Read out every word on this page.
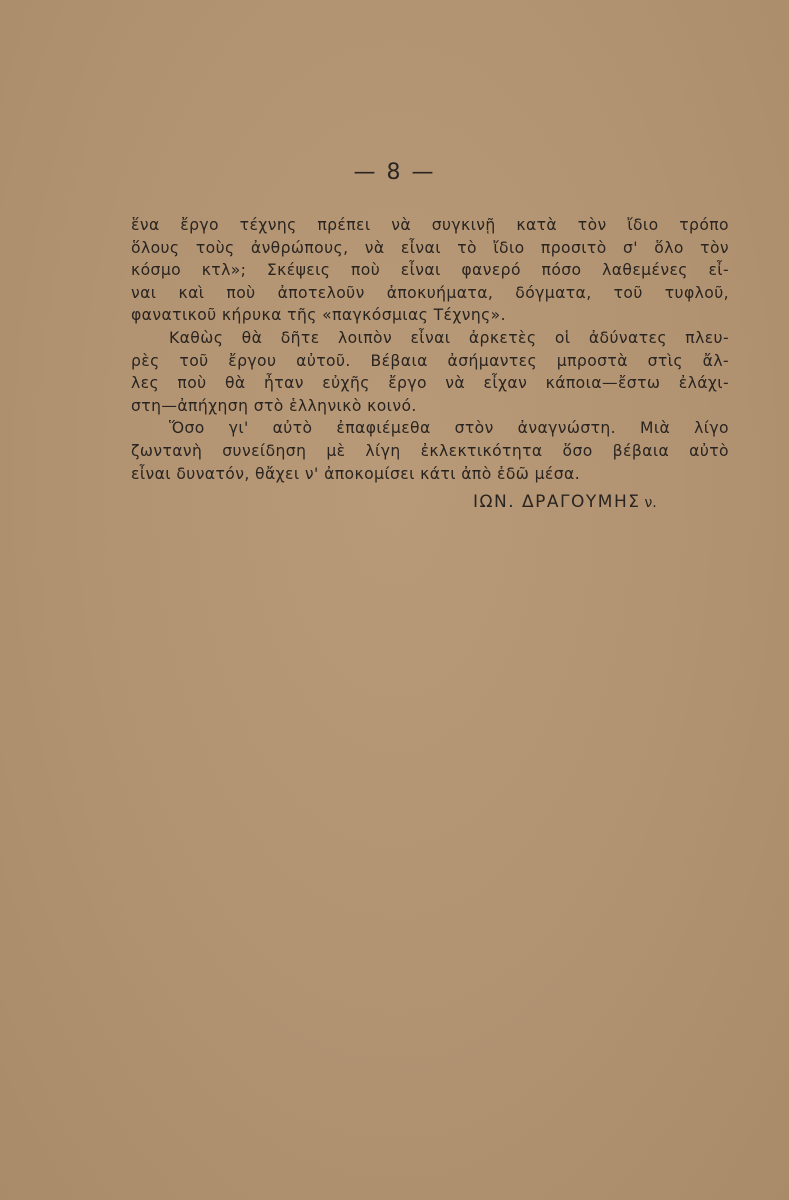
— 8 —
ἕνα ἔργο τέχνης πρέπει νὰ συγκινῇ κατὰ τὸν ἴδιο τρόπο
ὅλους τοὺς ἀνθρώπους, νὰ εἶναι τὸ ἴδιο προσιτὸ σ' ὅλο τὸν
κόσμο κτλ»; Σκέψεις ποὺ εἶναι φανερό πόσο λαθεμένες εἶ-
ναι καὶ ποὺ ἀποτελοῦν ἀποκυήματα, δόγματα, τοῦ τυφλοῦ,
φανατικοῦ κήρυκα τῆς «παγκόσμιας Τέχνης».
Καθὼς θὰ δῆτε λοιπὸν εἶναι ἀρκετὲς οἱ ἀδύνατες πλευ-
ρὲς τοῦ ἔργου αὐτοῦ. Βέβαια ἀσήμαντες μπροστὰ στὶς ἄλ-
λες ποὺ θὰ ἦταν εὐχῆς ἔργο νὰ εἶχαν κάποια—ἔστω ἐλάχι-
στη—ἀπήχηση στὸ ἑλληνικὸ κοινό.
Ὅσο γι' αὐτὸ ἐπαφιέμεθα στὸν ἀναγνώστη. Μιὰ λίγο
ζωντανὴ συνείδηση μὲ λίγη ἐκλεκτικότητα ὅσο βέβαια αὐτὸ
εἶναι δυνατόν, θἄχει ν' ἀποκομίσει κάτι ἀπὸ ἐδῶ μέσα.
ΙΩΝ. ΔΡΑΓΟΥΜΗΣ ν.
